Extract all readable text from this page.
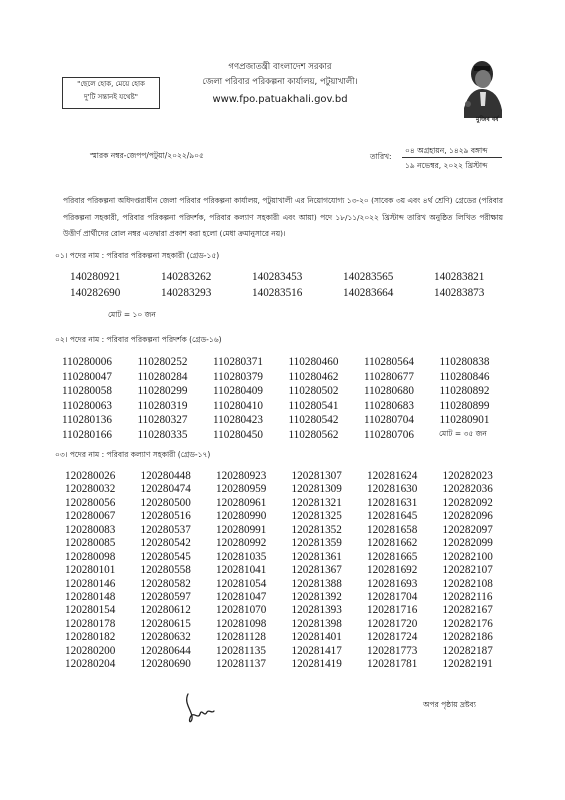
"ছেলে হোক, মেয়ে হোক
দু'টি সন্তানই যথেষ্ট"
গণপ্রজাতন্ত্রী বাংলাদেশ সরকার
জেলা পরিবার পরিকল্পনা কার্যালয়, পটুয়াখালী।
www.fpo.patuakhali.gov.bd
মুজিব বর্ষ
স্মারক নম্বর-জেপপ/পটুয়া/২০২২/৯০৫	তারিখ:
০৪ অগ্রহায়ন, ১৪২৯ বঙ্গাব্দ
১৯ নভেম্বর, ২০২২ খ্রিস্টাব্দ
পরিবার পরিকল্পনা অধিদপ্তরাধীন জেলা পরিবার পরিকল্পনা কার্যালয়, পটুয়াখালী এর নিয়োগযোগ্য ১৩-২০ (সাবেক ৩য় এবং ৪র্থ শ্রেণি) গ্রেডের (পরিবার পরিকল্পনা সহকারী, পরিবার পরিকল্পনা পরিদর্শক, পরিবার কল্যাণ সহকারী এবং আয়া) পদে ১৮/১১/২০২২ খ্রিস্টাব্দ তারিখ অনুষ্ঠিত লিখিত পরীক্ষায় উত্তীর্ণ প্রার্থীদের রোল নম্বর এতদ্বারা প্রকাশ করা হলো (মেধা ক্রমানুসারে নয়)।
০১। পদের নাম : পরিবার পরিকল্পনা সহকারী (গ্রেড-১৫)
140280921	140283262	140283453	140283565	140283821
140282690	140283293	140283516	140283664	140283873
মোট = ১০ জন
০২। পদের নাম : পরিবার পরিকল্পনা পরিদর্শক (গ্রেড-১৬)
110280006	110280252	110280371	110280460	110280564	110280838
110280047	110280284	110280379	110280462	110280677	110280846
110280058	110280299	110280409	110280502	110280680	110280892
110280063	110280319	110280410	110280541	110280683	110280899
110280136	110280327	110280423	110280542	110280704	110280901
110280166	110280335	110280450	110280562	110280706	মোট = ৩৫ জন
০৩। পদের নাম : পরিবার কল্যাণ সহকারী (গ্রেড-১৭)
120280026	120280448	120280923	120281307	120281624	120282023
120280032	120280474	120280959	120281309	120281630	120282036
120280056	120280500	120280961	120281321	120281631	120282092
120280067	120280516	120280990	120281325	120281645	120282096
120280083	120280537	120280991	120281352	120281658	120282097
120280085	120280542	120280992	120281359	120281662	120282099
120280098	120280545	120281035	120281361	120281665	120282100
120280101	120280558	120281041	120281367	120281692	120282107
120280146	120280582	120281054	120281388	120281693	120282108
120280148	120280597	120281047	120281392	120281704	120282116
120280154	120280612	120281070	120281393	120281716	120282167
120280178	120280615	120281098	120281398	120281720	120282176
120280182	120280632	120281128	120281401	120281724	120282186
120280200	120280644	120281135	120281417	120281773	120282187
120280204	120280690	120281137	120281419	120281781	120282191
অপর পৃষ্ঠায় দ্রষ্টব্য
